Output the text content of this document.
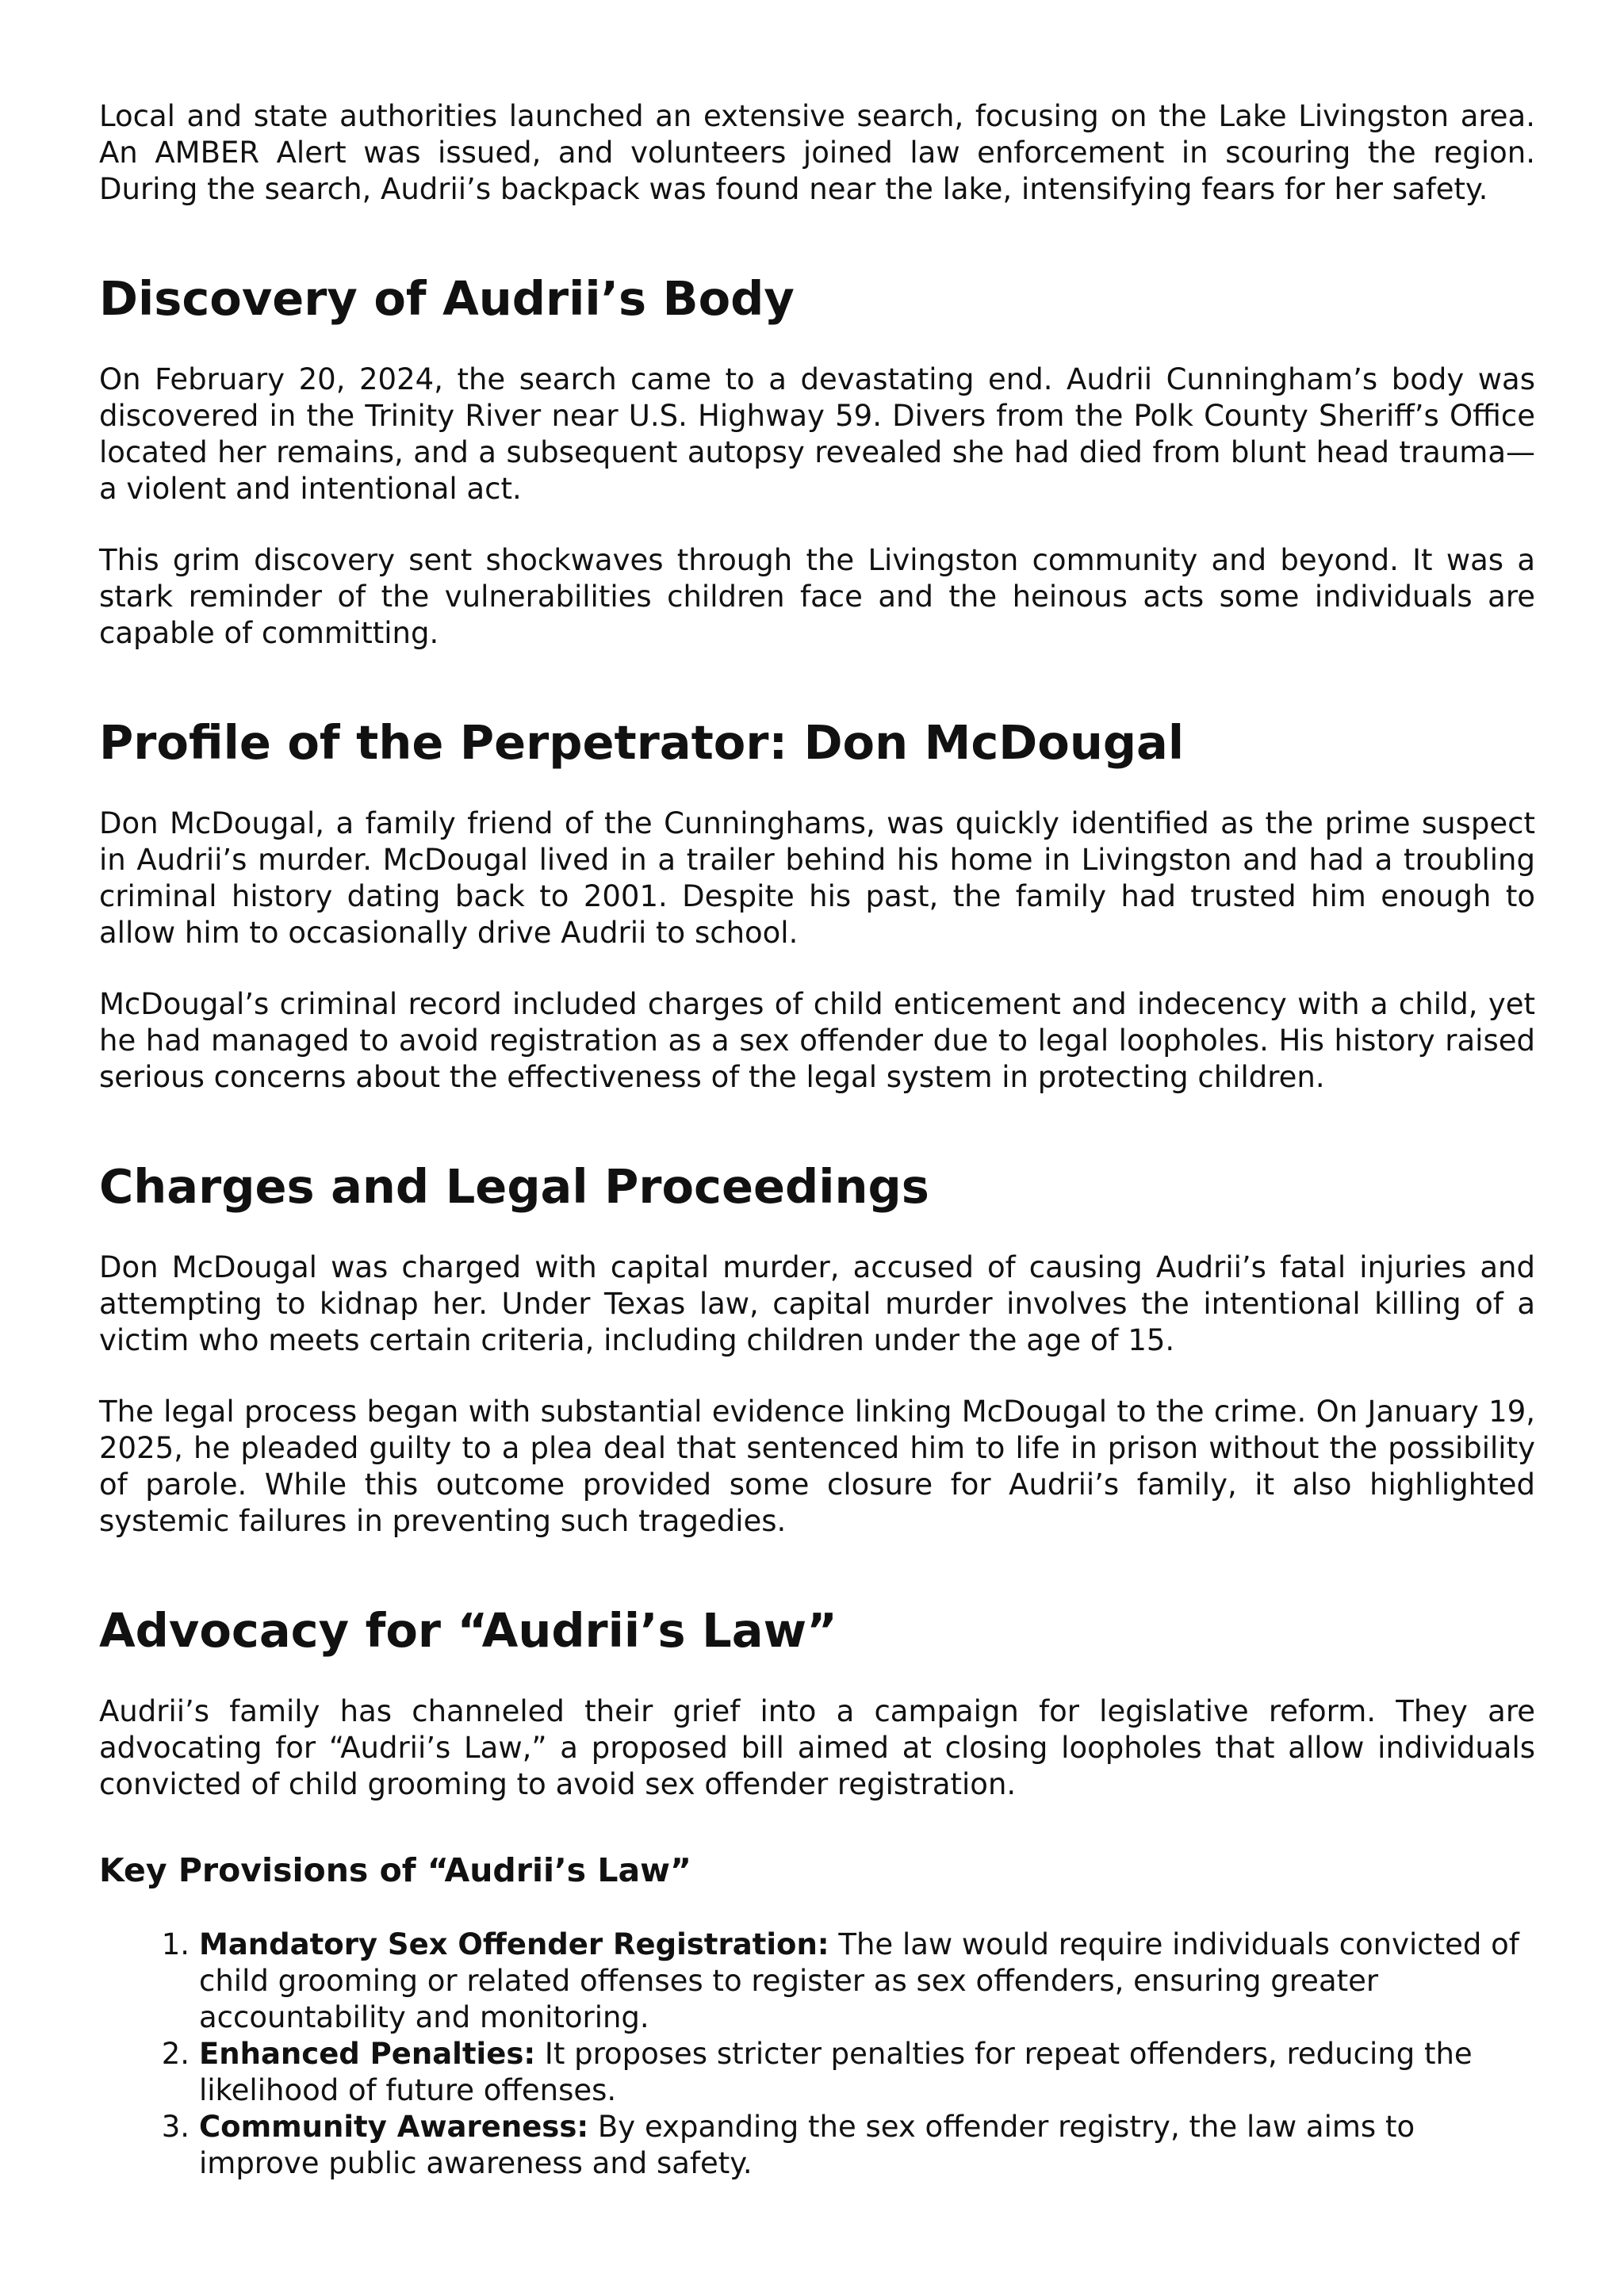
Local and state authorities launched an extensive search, focusing on the Lake Livingston area. An AMBER Alert was issued, and volunteers joined law enforcement in scouring the region. During the search, Audrii’s backpack was found near the lake, intensifying fears for her safety.

Discovery of Audrii’s Body

On February 20, 2024, the search came to a devastating end. Audrii Cunningham’s body was discovered in the Trinity River near U.S. Highway 59. Divers from the Polk County Sheriff’s Office located her remains, and a subsequent autopsy revealed she had died from blunt head trauma—a violent and intentional act.

This grim discovery sent shockwaves through the Livingston community and beyond. It was a stark reminder of the vulnerabilities children face and the heinous acts some individuals are capable of committing.

Profile of the Perpetrator: Don McDougal

Don McDougal, a family friend of the Cunninghams, was quickly identified as the prime suspect in Audrii’s murder. McDougal lived in a trailer behind his home in Livingston and had a troubling criminal history dating back to 2001. Despite his past, the family had trusted him enough to allow him to occasionally drive Audrii to school.

McDougal’s criminal record included charges of child enticement and indecency with a child, yet he had managed to avoid registration as a sex offender due to legal loopholes. His history raised serious concerns about the effectiveness of the legal system in protecting children.

Charges and Legal Proceedings

Don McDougal was charged with capital murder, accused of causing Audrii’s fatal injuries and attempting to kidnap her. Under Texas law, capital murder involves the intentional killing of a victim who meets certain criteria, including children under the age of 15.

The legal process began with substantial evidence linking McDougal to the crime. On January 19, 2025, he pleaded guilty to a plea deal that sentenced him to life in prison without the possibility of parole. While this outcome provided some closure for Audrii’s family, it also highlighted systemic failures in preventing such tragedies.

Advocacy for “Audrii’s Law”

Audrii’s family has channeled their grief into a campaign for legislative reform. They are advocating for “Audrii’s Law,” a proposed bill aimed at closing loopholes that allow individuals convicted of child grooming to avoid sex offender registration.

Key Provisions of “Audrii’s Law”
1. Mandatory Sex Offender Registration: The law would require individuals convicted of child grooming or related offenses to register as sex offenders, ensuring greater accountability and monitoring.
2. Enhanced Penalties: It proposes stricter penalties for repeat offenders, reducing the likelihood of future offenses.
3. Community Awareness: By expanding the sex offender registry, the law aims to improve public awareness and safety.
